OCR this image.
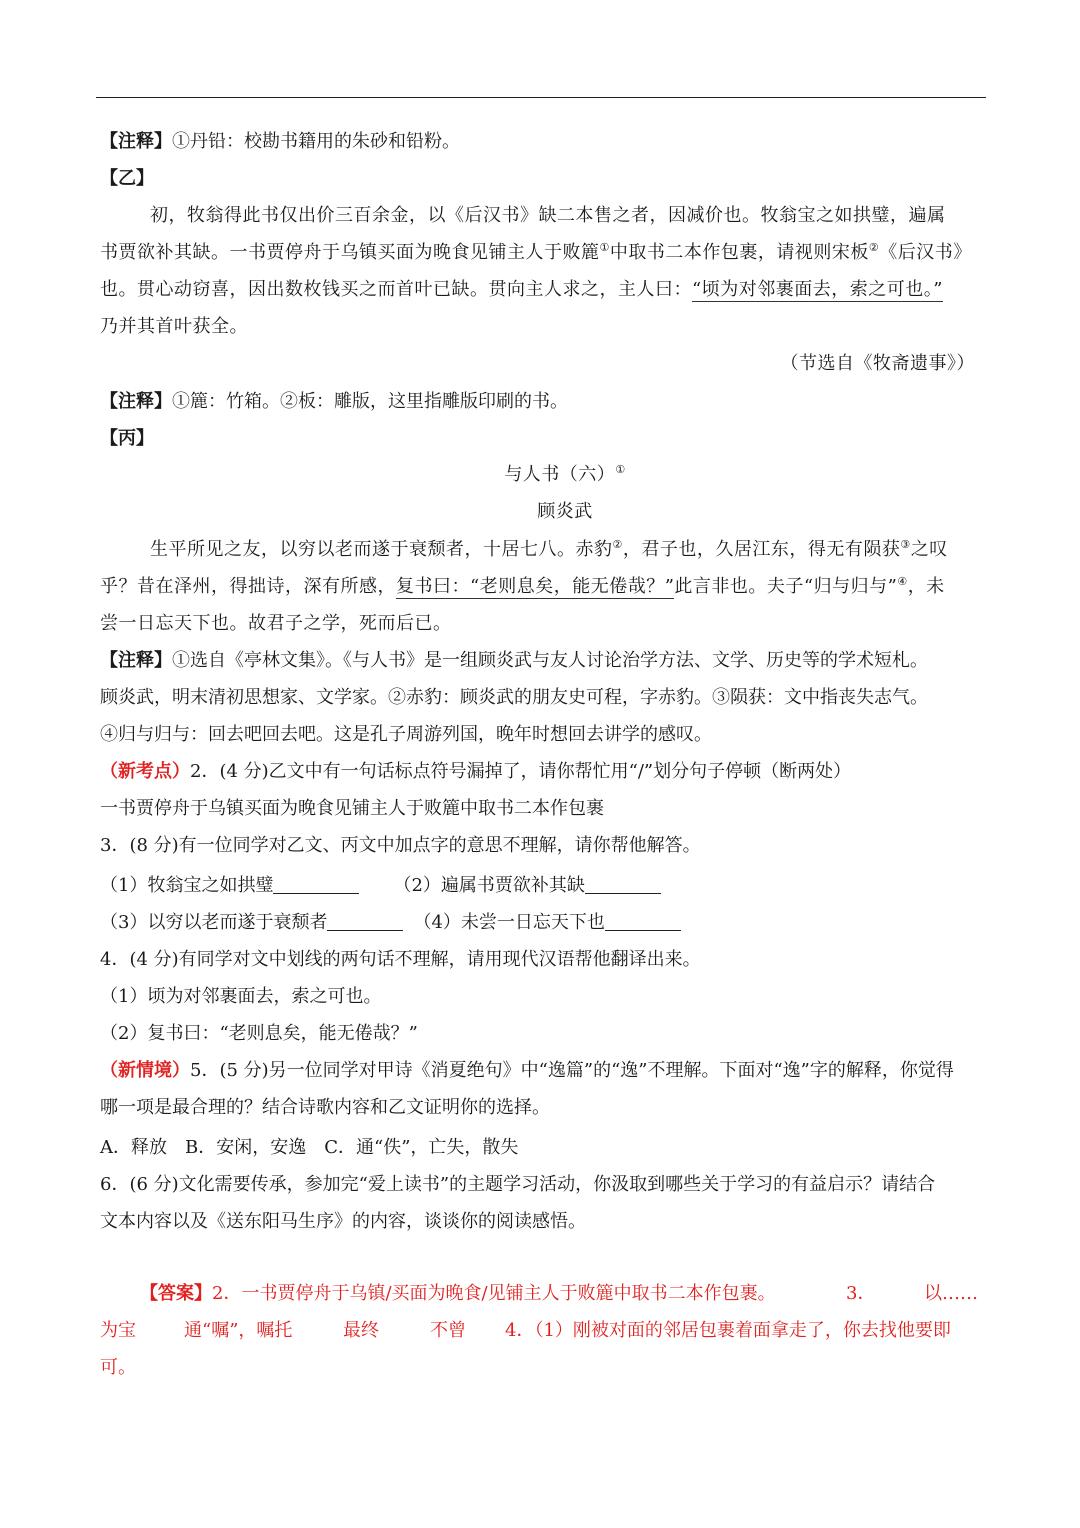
【注释】①丹铅：校勘书籍用的朱砂和铅粉。
【乙】
初，牧翁得此书仅出价三百余金，以《后汉书》缺二本售之者，因减价也。牧翁宝之如拱璧，遍属
书贾欲补其缺。一书贾停舟于乌镇买面为晚食见铺主人于败簏①中取书二本作包裹，请视则宋板②《后汉书》
也。贯心动窃喜，因出数枚钱买之而首叶已缺。贯向主人求之，主人曰：“顷为对邻裹面去，索之可也。”
乃并其首叶获全。
（节选自《牧斋遗事》）
【注释】①簏：竹箱。②板：雕版，这里指雕版印刷的书。
【丙】
与人书（六）①
顾炎武
生平所见之友，以穷以老而遂于衰颓者，十居七八。赤豹②，君子也，久居江东，得无有陨获③之叹
乎？昔在泽州，得拙诗，深有所感，复书曰：“老则息矣，能无倦哉？”此言非也。夫子“归与归与”④，未
尝一日忘天下也。故君子之学，死而后已。
【注释】①选自《亭林文集》。《与人书》是一组顾炎武与友人讨论治学方法、文学、历史等的学术短札。
顾炎武，明末清初思想家、文学家。②赤豹：顾炎武的朋友史可程，字赤豹。③陨获：文中指丧失志气。
④归与归与：回去吧回去吧。这是孔子周游列国，晚年时想回去讲学的感叹。
（新考点）2．(4 分)乙文中有一句话标点符号漏掉了，请你帮忙用“/”划分句子停顿（断两处）
一书贾停舟于乌镇买面为晚食见铺主人于败簏中取书二本作包裹
3．(8 分)有一位同学对乙文、丙文中加点字的意思不理解，请你帮他解答。
（1）牧翁宝之如拱璧	（2）遍属书贾欲补其缺
（3）以穷以老而遂于衰颓者	（4）未尝一日忘天下也
4．(4 分)有同学对文中划线的两句话不理解，请用现代汉语帮他翻译出来。
（1）顷为对邻裹面去，索之可也。
（2）复书曰：“老则息矣，能无倦哉？”
（新情境）5．(5 分)另一位同学对甲诗《消夏绝句》中“逸篇”的“逸”不理解。下面对“逸”字的解释，你觉得
哪一项是最合理的？结合诗歌内容和乙文证明你的选择。
A．释放　B．安闲，安逸　C．通“佚”，亡失，散失
6．(6 分)文化需要传承，参加完“爱上读书”的主题学习活动，你汲取到哪些关于学习的有益启示？请结合
文本内容以及《送东阳马生序》的内容，谈谈你的阅读感悟。
【答案】2．一书贾停舟于乌镇/买面为晚食/见铺主人于败簏中取书二本作包裹。	3．	以……
为宝	通“嘱”，嘱托	最终	不曾 4．（1）刚被对面的邻居包裹着面拿走了，你去找他要即
可。
